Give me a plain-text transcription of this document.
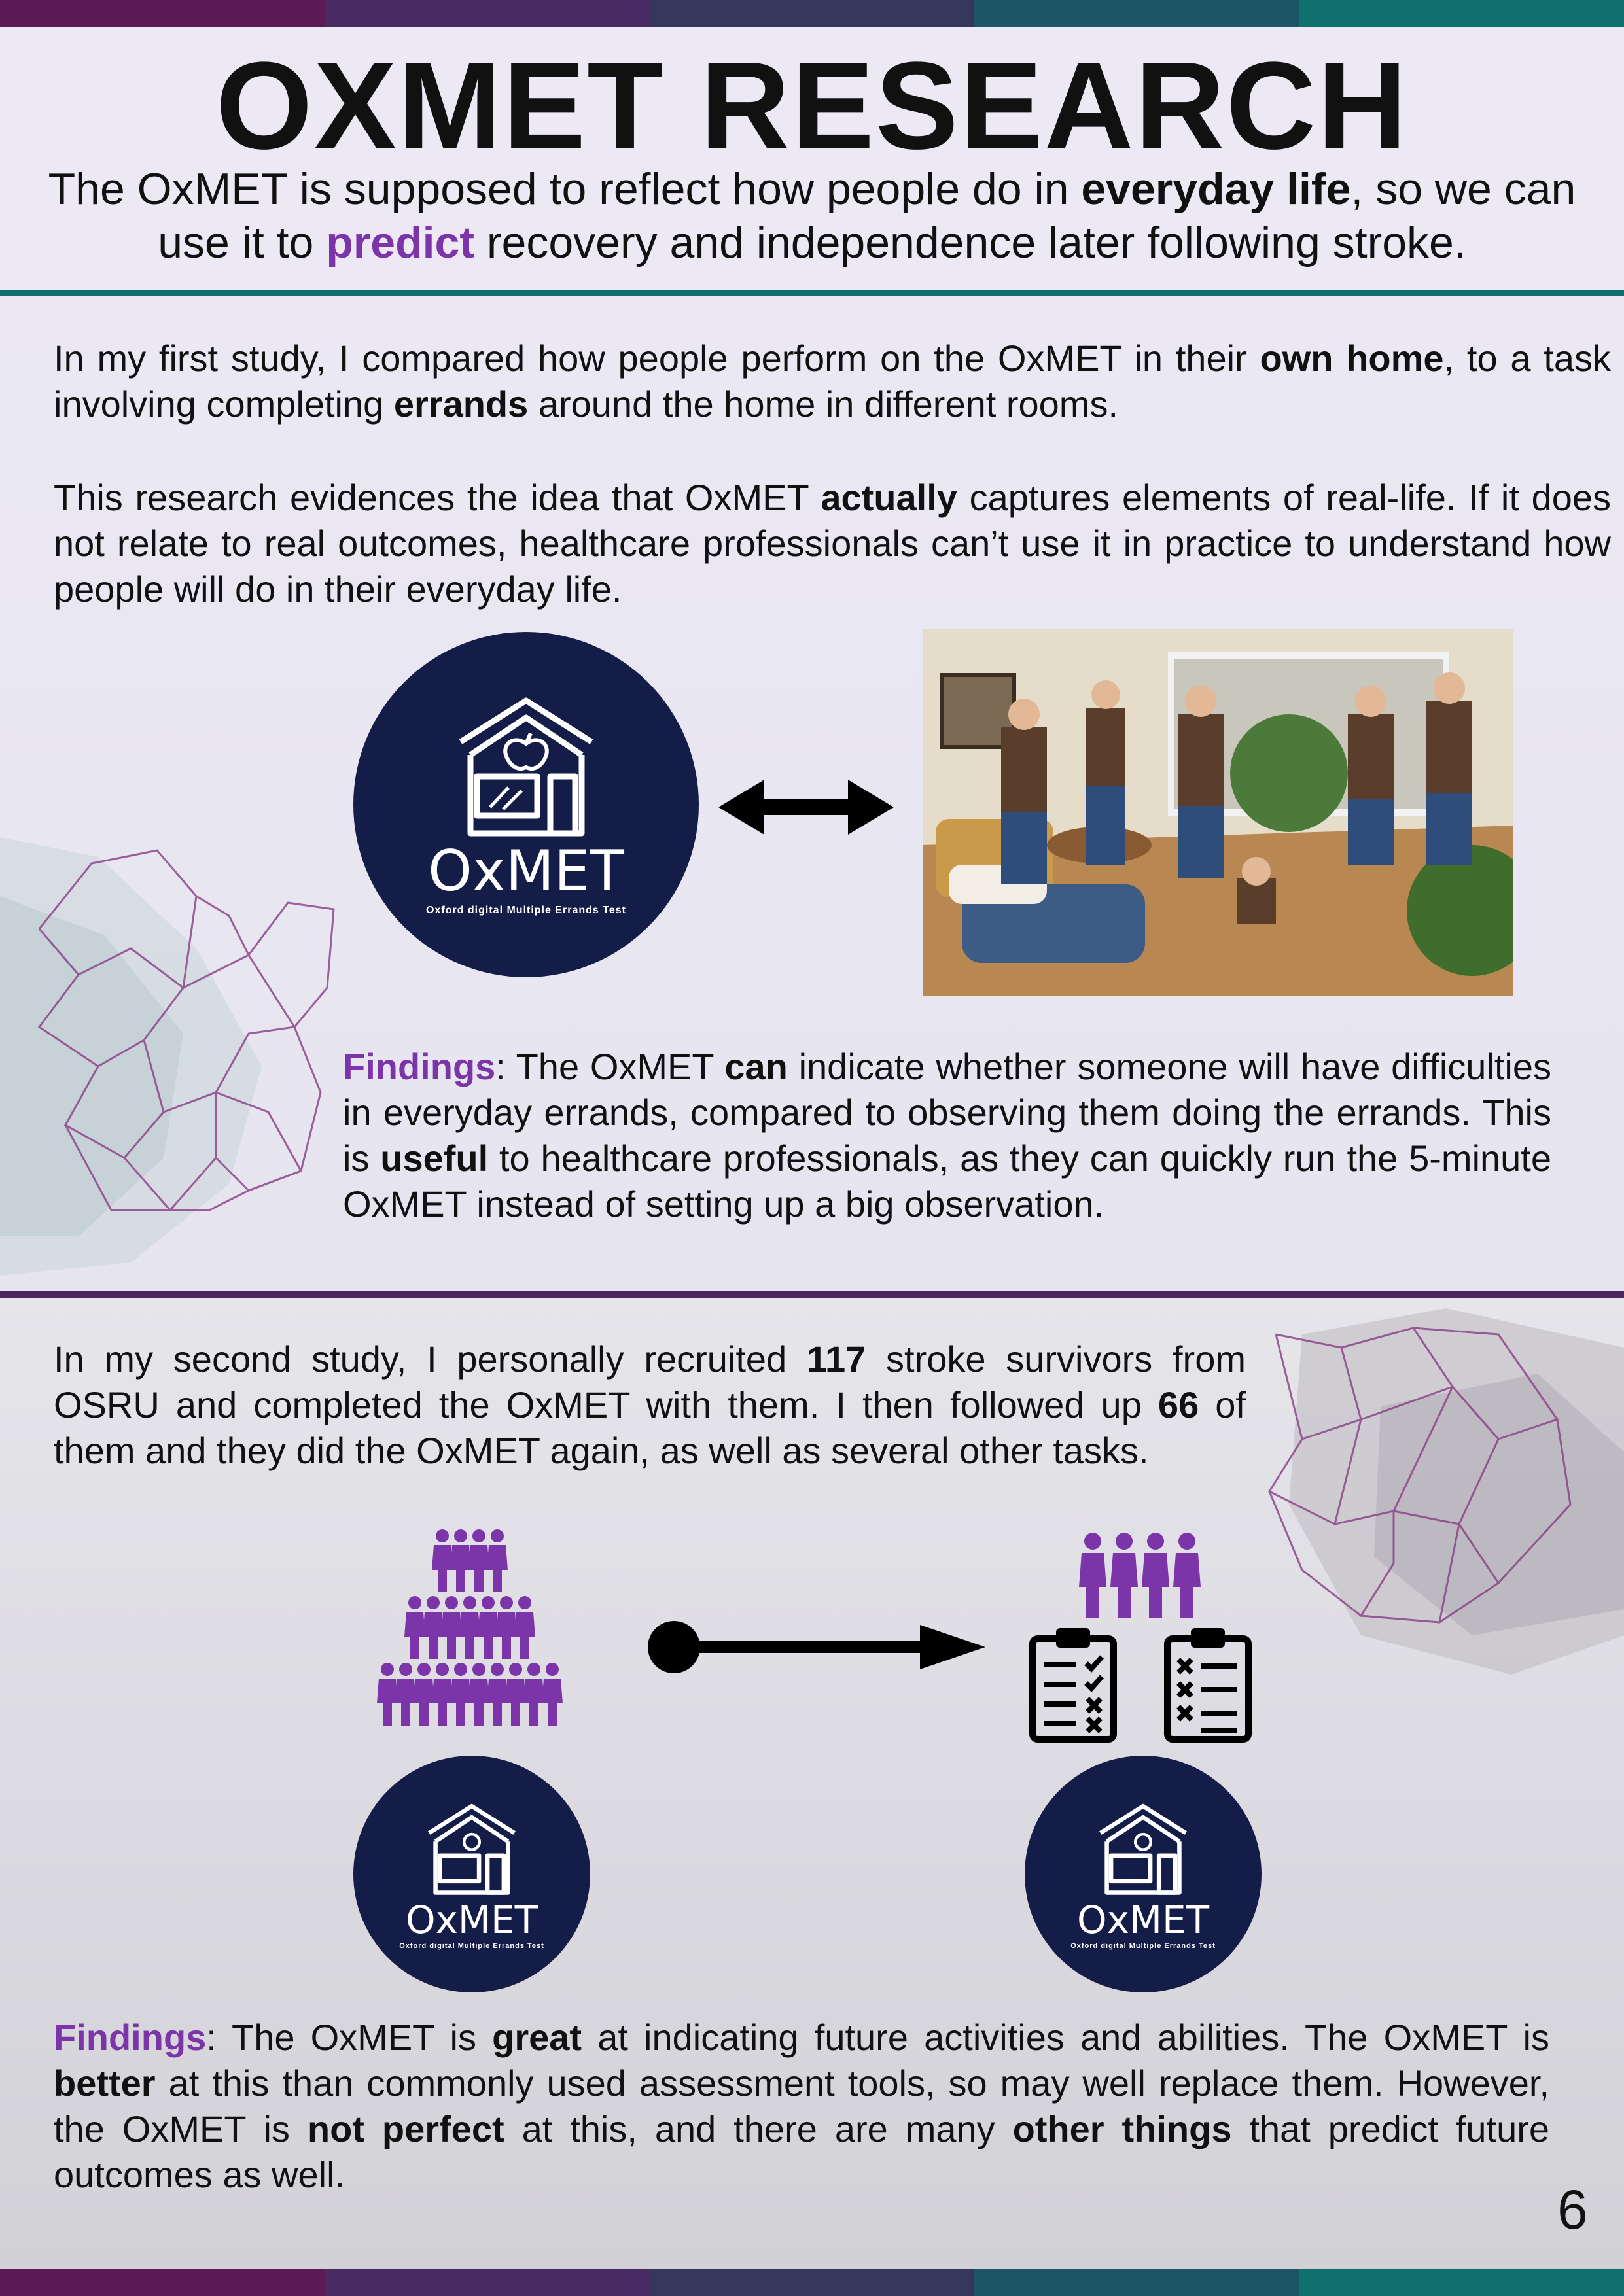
OXMET RESEARCH
The OxMET is supposed to reflect how people do in everyday life, so we can use it to predict recovery and independence later following stroke.
In my first study, I compared how people perform on the OxMET in their own home, to a task involving completing errands around the home in different rooms.
This research evidences the idea that OxMET actually captures elements of real-life. If it does not relate to real outcomes, healthcare professionals can’t use it in practice to understand how people will do in their everyday life.
OxMET
Oxford digital Multiple Errands Test
Findings: The OxMET can indicate whether someone will have difficulties in everyday errands, compared to observing them doing the errands. This is useful to healthcare professionals, as they can quickly run the 5-minute OxMET instead of setting up a big observation.
In my second study, I personally recruited 117 stroke survivors from OSRU and completed the OxMET with them. I then followed up 66 of them and they did the OxMET again, as well as several other tasks.
OxMET
Oxford digital Multiple Errands Test
OxMET
Oxford digital Multiple Errands Test
Findings: The OxMET is great at indicating future activities and abilities. The OxMET is better at this than commonly used assessment tools, so may well replace them. However, the OxMET is not perfect at this, and there are many other things that predict future outcomes as well.
6
